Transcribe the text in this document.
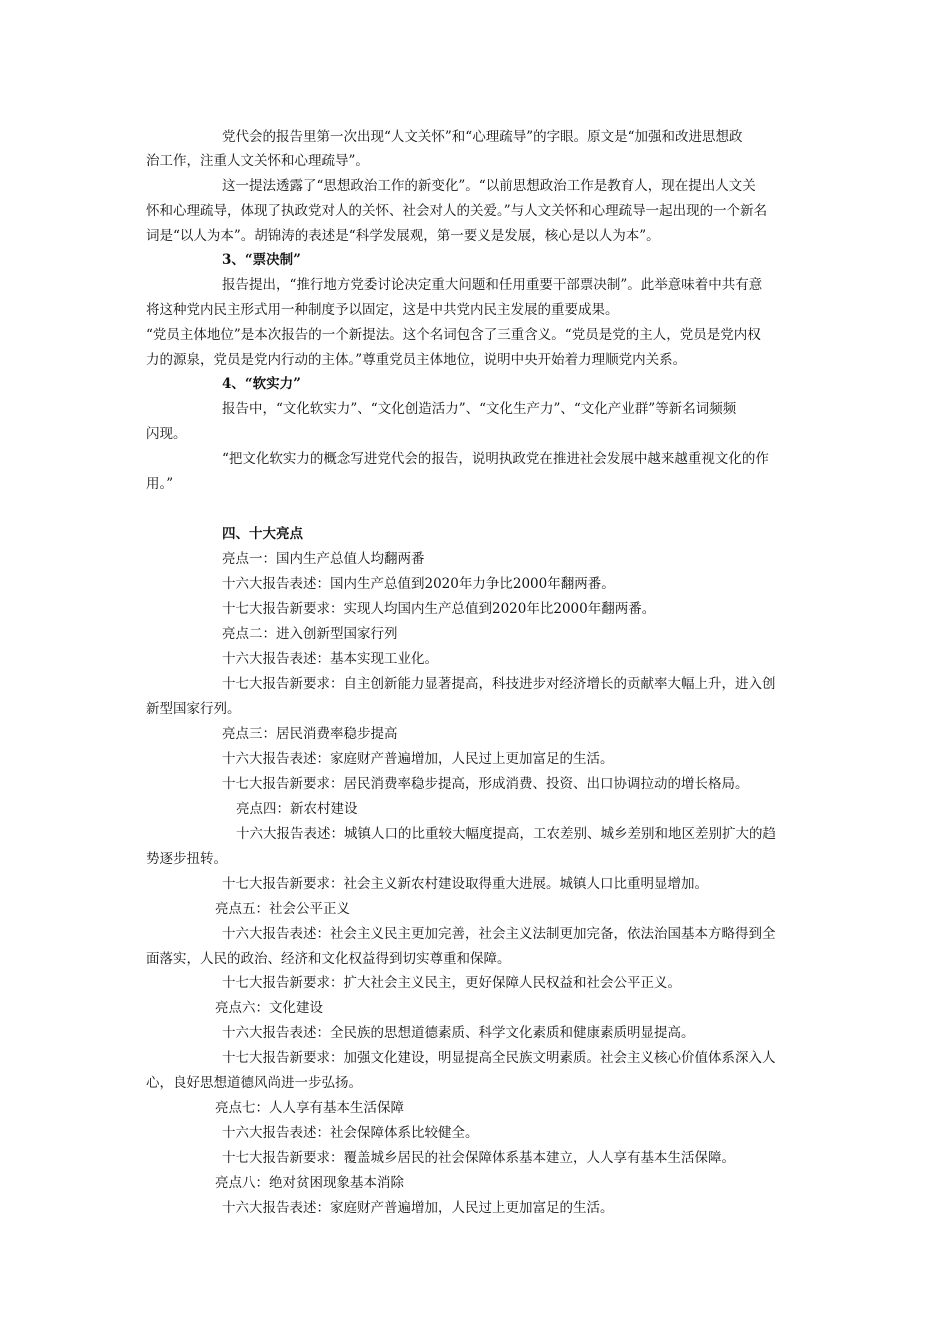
党代会的报告里第一次出现“人文关怀”和“心理疏导”的字眼。原文是“加强和改进思想政
治工作，注重人文关怀和心理疏导”。
这一提法透露了“思想政治工作的新变化”。“以前思想政治工作是教育人，现在提出人文关
怀和心理疏导，体现了执政党对人的关怀、社会对人的关爱。”与人文关怀和心理疏导一起出现的一个新名
词是“以人为本”。胡锦涛的表述是“科学发展观，第一要义是发展，核心是以人为本”。
3、“票决制”
报告提出，“推行地方党委讨论决定重大问题和任用重要干部票决制”。此举意味着中共有意
将这种党内民主形式用一种制度予以固定，这是中共党内民主发展的重要成果。
“党员主体地位”是本次报告的一个新提法。这个名词包含了三重含义。“党员是党的主人，党员是党内权
力的源泉，党员是党内行动的主体。”尊重党员主体地位，说明中央开始着力理顺党内关系。
4、“软实力”
报告中，“文化软实力”、“文化创造活力”、“文化生产力”、“文化产业群”等新名词频频
闪现。
“把文化软实力的概念写进党代会的报告，说明执政党在推进社会发展中越来越重视文化的作
用。”
四、十大亮点
亮点一：国内生产总值人均翻两番
十六大报告表述：国内生产总值到2020年力争比2000年翻两番。
十七大报告新要求：实现人均国内生产总值到2020年比2000年翻两番。
亮点二：进入创新型国家行列
十六大报告表述：基本实现工业化。
十七大报告新要求：自主创新能力显著提高，科技进步对经济增长的贡献率大幅上升，进入创
新型国家行列。
亮点三：居民消费率稳步提高
十六大报告表述：家庭财产普遍增加，人民过上更加富足的生活。
十七大报告新要求：居民消费率稳步提高，形成消费、投资、出口协调拉动的增长格局。
亮点四：新农村建设
十六大报告表述：城镇人口的比重较大幅度提高，工农差别、城乡差别和地区差别扩大的趋
势逐步扭转。
十七大报告新要求：社会主义新农村建设取得重大进展。城镇人口比重明显增加。
亮点五：社会公平正义
十六大报告表述：社会主义民主更加完善，社会主义法制更加完备，依法治国基本方略得到全
面落实，人民的政治、经济和文化权益得到切实尊重和保障。
十七大报告新要求：扩大社会主义民主，更好保障人民权益和社会公平正义。
亮点六：文化建设
十六大报告表述：全民族的思想道德素质、科学文化素质和健康素质明显提高。
十七大报告新要求：加强文化建设，明显提高全民族文明素质。社会主义核心价值体系深入人
心，良好思想道德风尚进一步弘扬。
亮点七：人人享有基本生活保障
十六大报告表述：社会保障体系比较健全。
十七大报告新要求：覆盖城乡居民的社会保障体系基本建立，人人享有基本生活保障。
亮点八：绝对贫困现象基本消除
十六大报告表述：家庭财产普遍增加，人民过上更加富足的生活。
